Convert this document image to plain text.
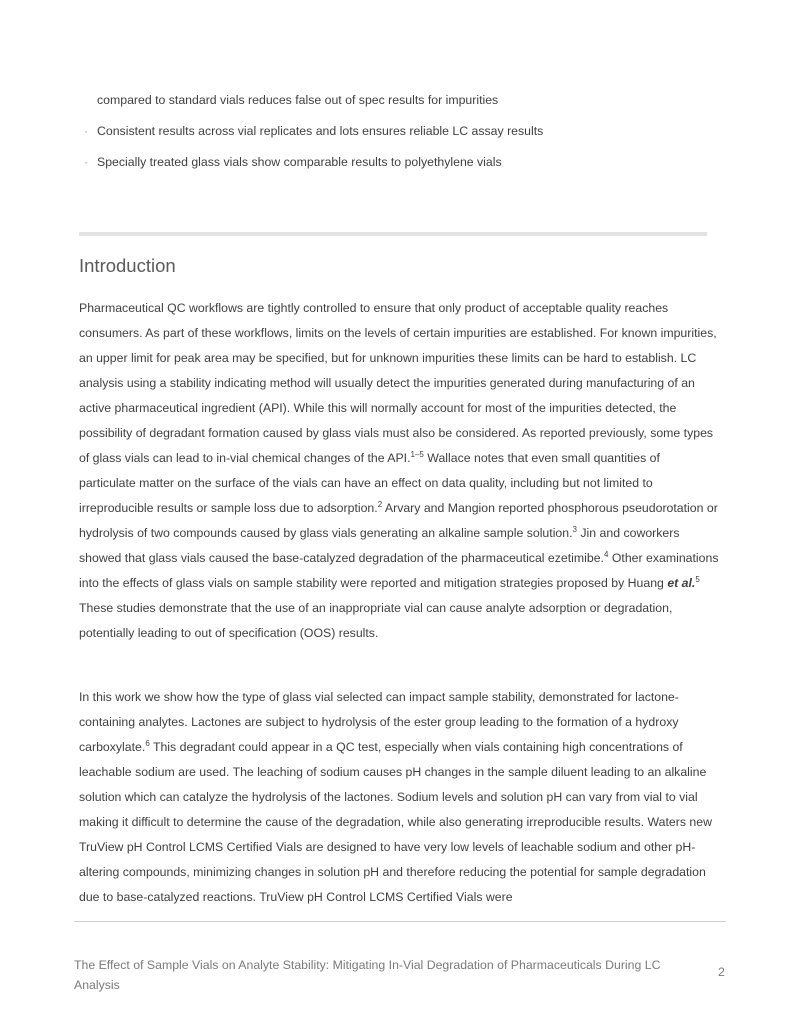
compared to standard vials reduces false out of spec results for impurities
· Consistent results across vial replicates and lots ensures reliable LC assay results
· Specially treated glass vials show comparable results to polyethylene vials
Introduction

Pharmaceutical QC workflows are tightly controlled to ensure that only product of acceptable quality reaches consumers. As part of these workflows, limits on the levels of certain impurities are established. For known impurities, an upper limit for peak area may be specified, but for unknown impurities these limits can be hard to establish. LC analysis using a stability indicating method will usually detect the impurities generated during manufacturing of an active pharmaceutical ingredient (API). While this will normally account for most of the impurities detected, the possibility of degradant formation caused by glass vials must also be considered. As reported previously, some types of glass vials can lead to in-vial chemical changes of the API.$^{1-5}$ Wallace notes that even small quantities of particulate matter on the surface of the vials can have an effect on data quality, including but not limited to irreproducible results or sample loss due to adsorption.$^2$ Arvary and Mangion reported phosphorous pseudorotation or hydrolysis of two compounds caused by glass vials generating an alkaline sample solution.$^3$ Jin and coworkers showed that glass vials caused the base-catalyzed degradation of the pharmaceutical ezetimibe.$^4$ Other examinations into the effects of glass vials on sample stability were reported and mitigation strategies proposed by Huang et al.$^5$ These studies demonstrate that the use of an inappropriate vial can cause analyte adsorption or degradation, potentially leading to out of specification (OOS) results.

In this work we show how the type of glass vial selected can impact sample stability, demonstrated for lactone-containing analytes. Lactones are subject to hydrolysis of the ester group leading to the formation of a hydroxy carboxylate.$^6$ This degradant could appear in a QC test, especially when vials containing high concentrations of leachable sodium are used. The leaching of sodium causes pH changes in the sample diluent leading to an alkaline solution which can catalyze the hydrolysis of the lactones. Sodium levels and solution pH can vary from vial to vial making it difficult to determine the cause of the degradation, while also generating irreproducible results. Waters new TruView pH Control LCMS Certified Vials are designed to have very low levels of leachable sodium and other pH-altering compounds, minimizing changes in solution pH and therefore reducing the potential for sample degradation due to base-catalyzed reactions. TruView pH Control LCMS Certified Vials were

The Effect of Sample Vials on Analyte Stability: Mitigating In-Vial Degradation of Pharmaceuticals During LC Analysis
2
